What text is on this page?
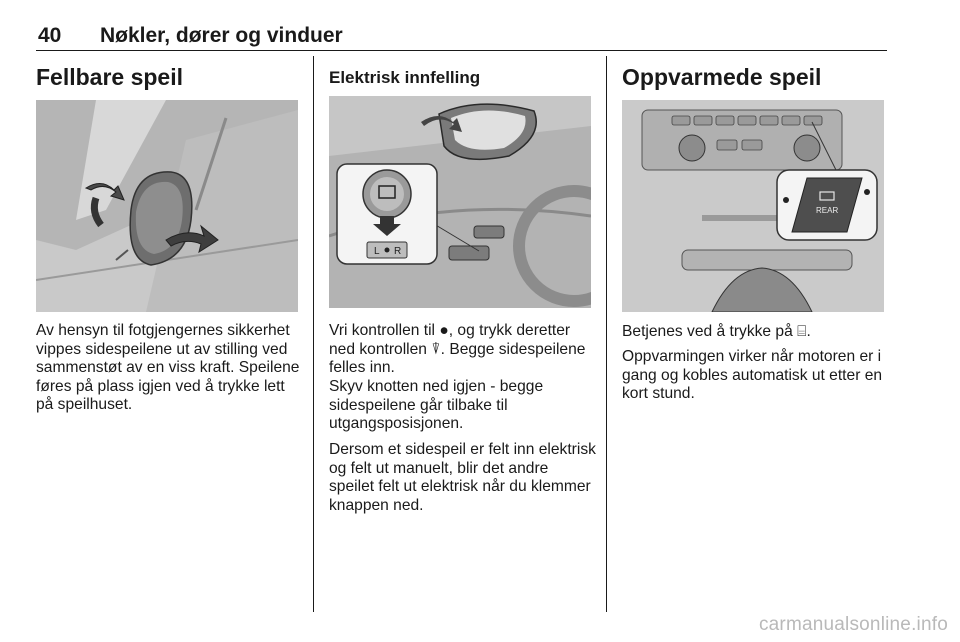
40 Nøkler, dører og vinduer
Fellbare speil

Av hensyn til fotgjengernes sikkerhet vippes sidespeilene ut av stilling ved sammenstøt av en viss kraft. Speilene føres på plass igjen ved å trykke lett på speilhuset.

Elektrisk innfelling
L R

Vri kontrollen til ●, og trykk deretter ned kontrollen ⍒. Begge sidespeilene felles inn.

Skyv knotten ned igjen - begge sidespeilene går tilbake til utgangsposisjonen.

Dersom et sidespeil er felt inn elektrisk og felt ut manuelt, blir det andre speilet felt ut elektrisk når du klemmer knappen ned.

Oppvarmede speil
REAR

Betjenes ved å trykke på ⌸.

Oppvarmingen virker når motoren er i gang og kobles automatisk ut etter en kort stund.

carmanualsonline.info
